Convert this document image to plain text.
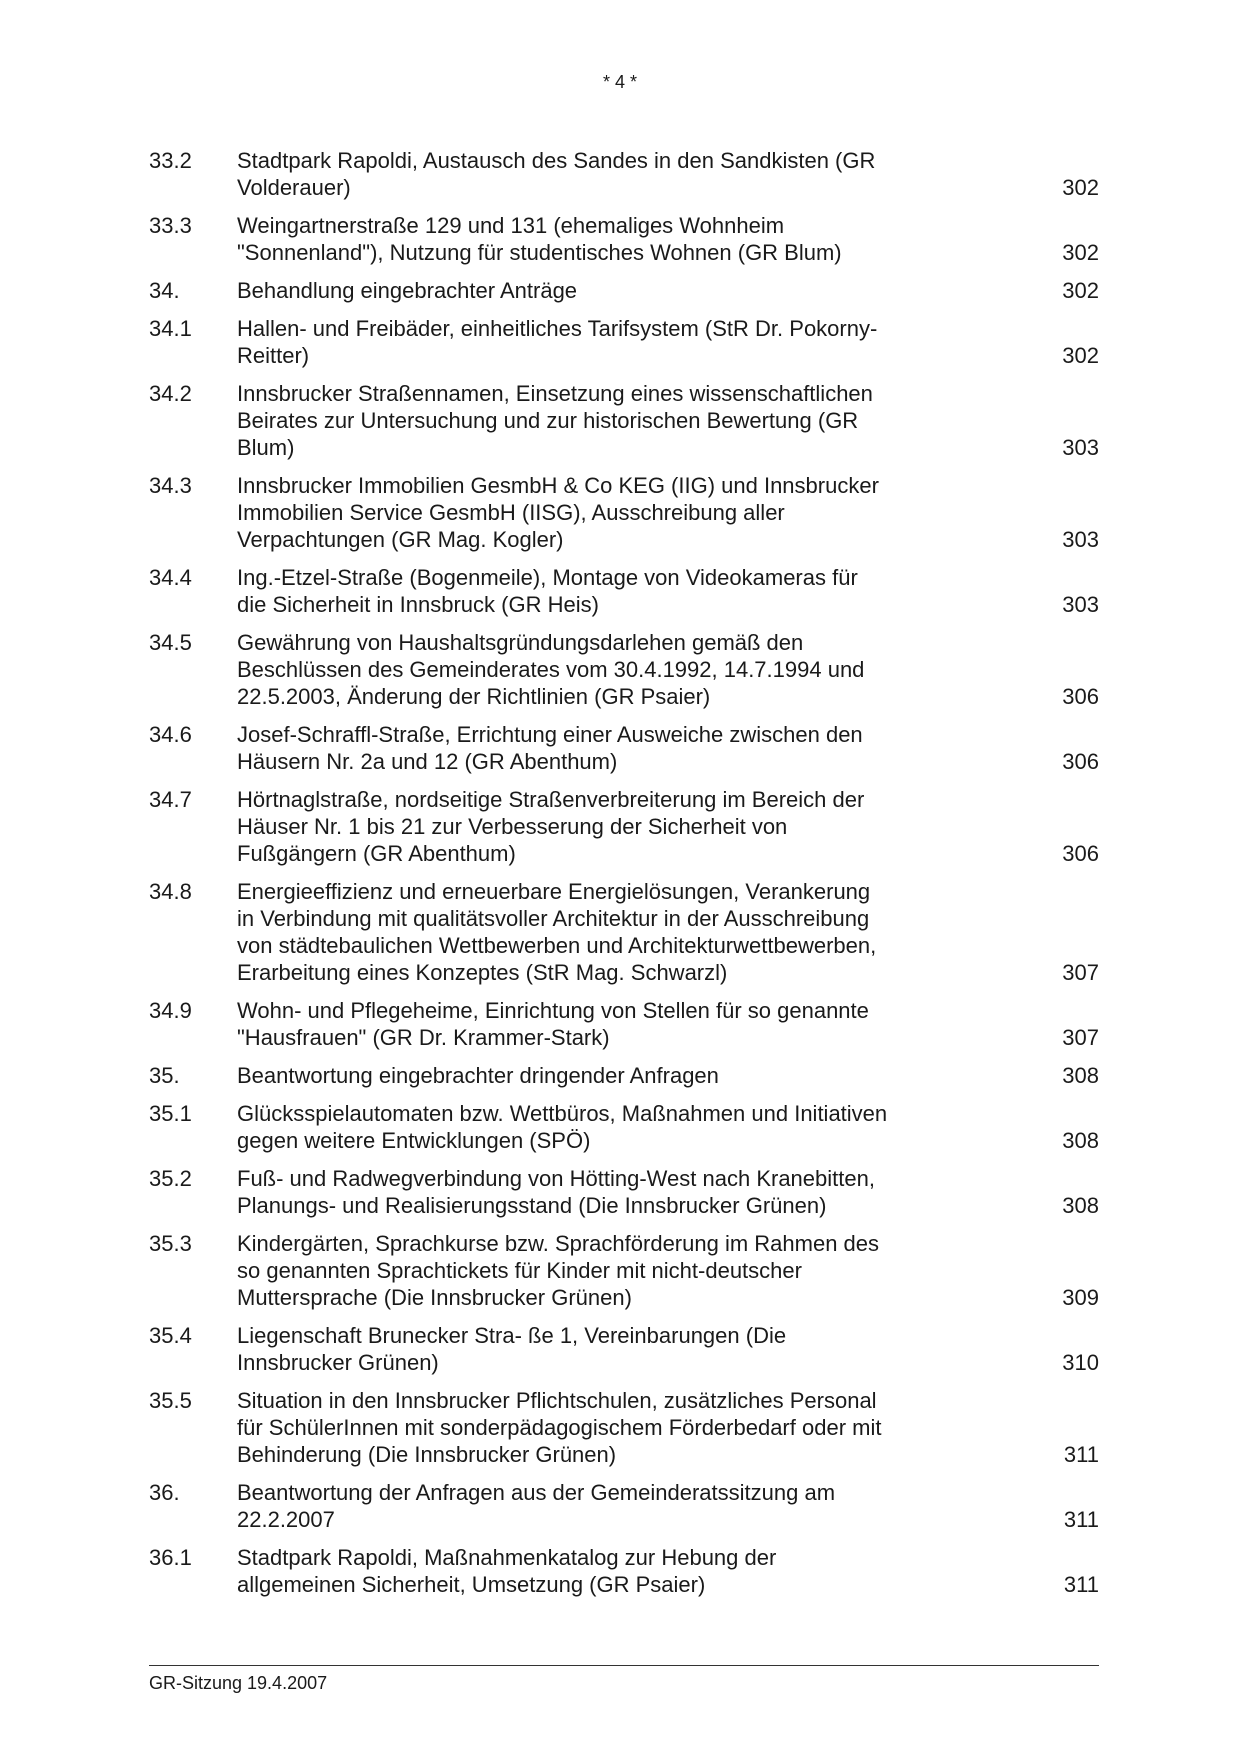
* 4 *
33.2	Stadtpark Rapoldi, Austausch des Sandes in den Sandkisten (GR
Volderauer)	302
33.3	Weingartnerstraße 129 und 131 (ehemaliges Wohnheim
"Sonnenland"), Nutzung für studentisches Wohnen (GR Blum)	302
34.	Behandlung eingebrachter Anträge	302
34.1	Hallen- und Freibäder, einheitliches Tarifsystem (StR Dr. Pokorny-
Reitter)	302
34.2	Innsbrucker Straßennamen, Einsetzung eines wissenschaftlichen
Beirates zur Untersuchung und zur historischen Bewertung (GR
Blum)	303
34.3	Innsbrucker Immobilien GesmbH & Co KEG (IIG) und Innsbrucker
Immobilien Service GesmbH (IISG), Ausschreibung aller
Verpachtungen (GR Mag. Kogler)	303
34.4	Ing.-Etzel-Straße (Bogenmeile), Montage von Videokameras für
die Sicherheit in Innsbruck (GR Heis)	303
34.5	Gewährung von Haushaltsgründungsdarlehen gemäß den
Beschlüssen des Gemeinderates vom 30.4.1992, 14.7.1994 und
22.5.2003, Änderung der Richtlinien (GR Psaier)	306
34.6	Josef-Schraffl-Straße, Errichtung einer Ausweiche zwischen den
Häusern Nr. 2a und 12 (GR Abenthum)	306
34.7	Hörtnaglstraße, nordseitige Straßenverbreiterung im Bereich der
Häuser Nr. 1 bis 21 zur Verbesserung der Sicherheit von
Fußgängern (GR Abenthum)	306
34.8	Energieeffizienz und erneuerbare Energielösungen, Verankerung
in Verbindung mit qualitätsvoller Architektur in der Ausschreibung
von städtebaulichen Wettbewerben und Architekturwettbewerben,
Erarbeitung eines Konzeptes (StR Mag. Schwarzl)	307
34.9	Wohn- und Pflegeheime, Einrichtung von Stellen für so genannte
"Hausfrauen" (GR Dr. Krammer-Stark)	307
35.	Beantwortung eingebrachter dringender Anfragen	308
35.1	Glücksspielautomaten bzw. Wettbüros, Maßnahmen und Initiativen
gegen weitere Entwicklungen (SPÖ)	308
35.2	Fuß- und Radwegverbindung von Hötting-West nach Kranebitten,
Planungs- und Realisierungsstand (Die Innsbrucker Grünen)	308
35.3	Kindergärten, Sprachkurse bzw. Sprachförderung im Rahmen des
so genannten Sprachtickets für Kinder mit nicht-deutscher
Muttersprache (Die Innsbrucker Grünen)	309
35.4	Liegenschaft Brunecker Stra- ße 1, Vereinbarungen (Die
Innsbrucker Grünen)	310
35.5	Situation in den Innsbrucker Pflichtschulen, zusätzliches Personal
für SchülerInnen mit sonderpädagogischem Förderbedarf oder mit
Behinderung (Die Innsbrucker Grünen)	311
36.	Beantwortung der Anfragen aus der Gemeinderatssitzung am
22.2.2007	311
36.1	Stadtpark Rapoldi, Maßnahmenkatalog zur Hebung der
allgemeinen Sicherheit, Umsetzung (GR Psaier)	311
GR-Sitzung 19.4.2007
